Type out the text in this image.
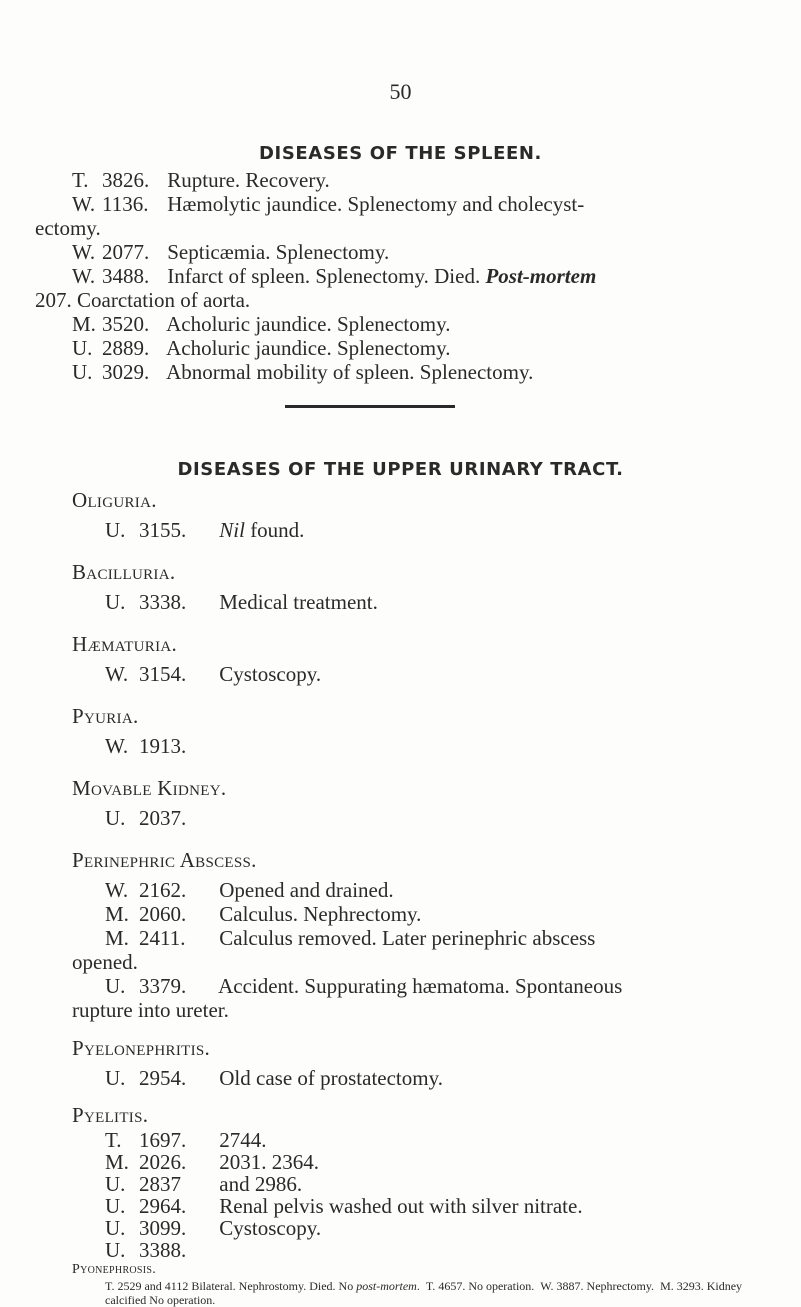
50
DISEASES OF THE SPLEEN.
T. 3826. Rupture. Recovery.
W. 1136. Hæmolytic jaundice. Splenectomy and cholecyst-
ectomy.
W. 2077. Septicæmia. Splenectomy.
W. 3488. Infarct of spleen. Splenectomy. Died. Post-mortem
207. Coarctation of aorta.
M. 3520. Acholuric jaundice. Splenectomy.
U. 2889. Acholuric jaundice. Splenectomy.
U. 3029. Abnormal mobility of spleen. Splenectomy.
DISEASES OF THE UPPER URINARY TRACT.
Oliguria.
U. 3155. Nil found.
Bacilluria.
U. 3338. Medical treatment.
Hæmaturia.
W. 3154. Cystoscopy.
Pyuria.
W. 1913.
Movable Kidney.
U. 2037.
Perinephric Abscess.
W. 2162. Opened and drained.
M. 2060. Calculus. Nephrectomy.
M. 2411. Calculus removed. Later perinephric abscess
opened.
U. 3379. Accident. Suppurating hæmatoma. Spontaneous
rupture into ureter.
Pyelonephritis.
U. 2954. Old case of prostatectomy.
Pyelitis.
T. 1697. 2744.
M. 2026. 2031. 2364.
U. 2837 and 2986.
U. 2964. Renal pelvis washed out with silver nitrate.
U. 3099. Cystoscopy.
U. 3388.
Pyonephrosis.
T. 2529 and 4112 Bilateral. Nephrostomy. Died. No post-mortem. T. 4657. No operation. W. 3887. Nephrectomy. M. 3293. Kidney calcified No operation.
